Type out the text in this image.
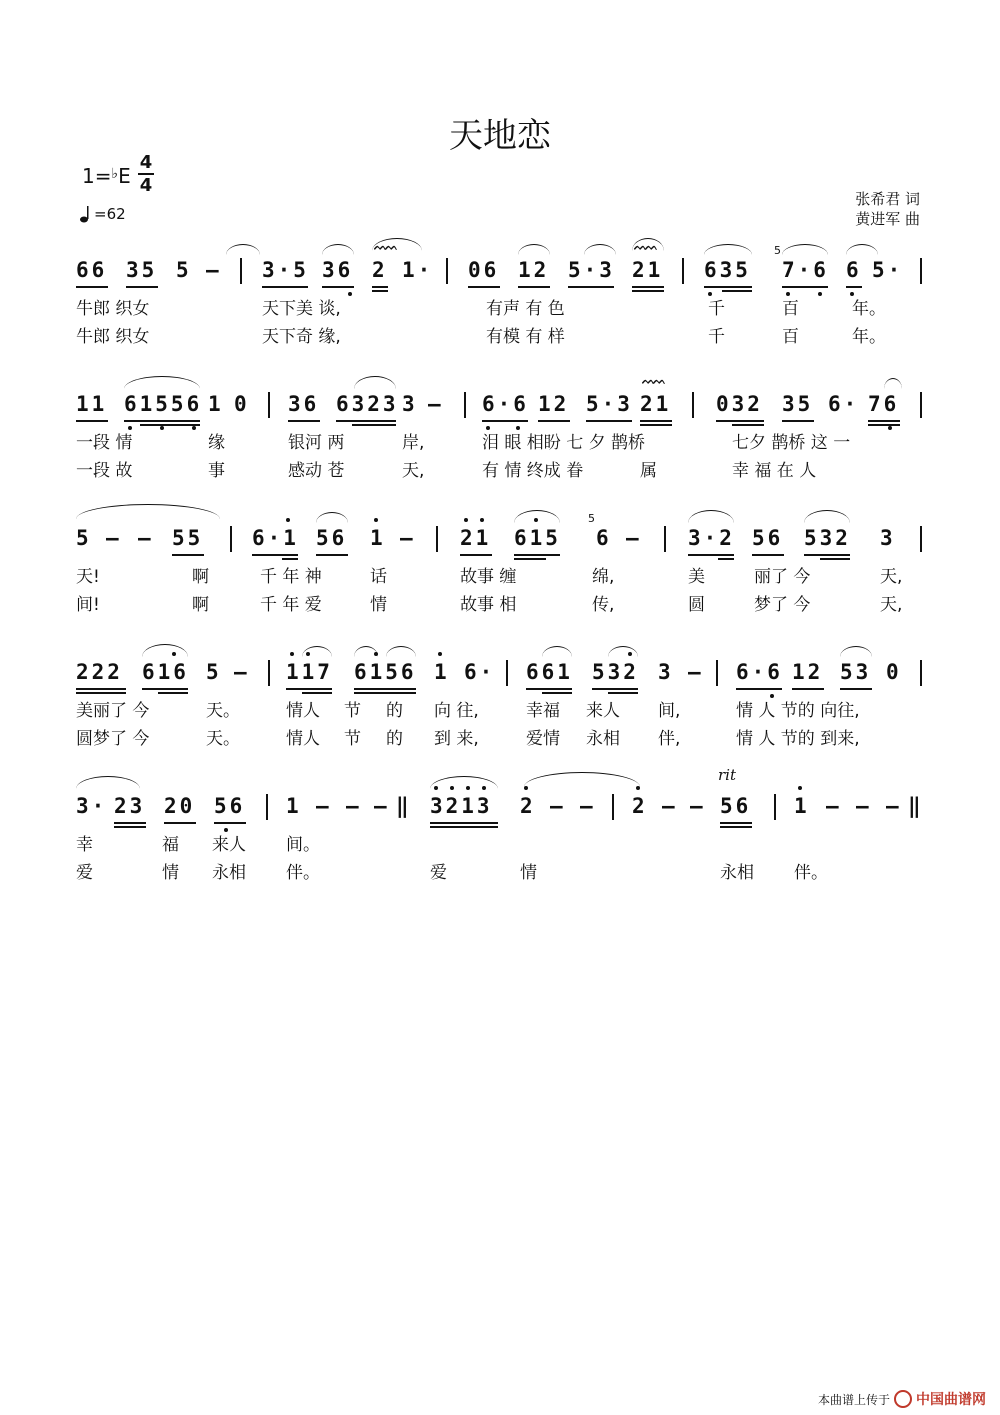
天地恋
1=♭E
4
4
=62
张希君 词
黄进军 曲
66 35 5 – 3·5 36 2 1· 06 12 5·3 21 635 7·6 6 5·
ᨓᨓ	ᨓᨓ	5
牛郎 织女	天下美 谈,	有声 有 色	千	百	年。
牛郎 织女	天下奇 缘,	有模 有 样	千	百	年。
11 61556 1 0 36 6323 3 – 6·6 12 5·3 21 032 35 6· 76
ᨓᨓ
一段 情	缘	银河 两	岸,	泪 眼 相盼 七 夕 鹊桥	七夕 鹊桥 这 一
一段 故	事	感动 苍	天,	有 情 终成 眷	属	幸 福 在 人
5 – – 55 6·1 56 1 – 21 615 6 – 3·2 56 532 3
5
天!	啊	千 年 神	话	故事 缠	绵,	美	丽了 今	天,
间!	啊	千 年 爱	情	故事 相	传,	圆	梦了 今	天,
222 616 5 – 117 6156 1 6· 661 532 3 – 6·6 12 53 0
美丽了 今	天。	情人 节 的 向 往,	幸福 来人 间,	情 人 节的 向往,
圆梦了 今	天。	情人 节 的 到 来,	爱情 永相 伴,	情 人 节的 到来,
rit
3· 23 20 56 1 – – – ‖ 3213 2 – – 2 – – 56 1 – – – ‖
幸	福 来人 间。
爱	情 永相 伴。	爱	情	永相 伴。
本曲谱上传于 中国曲谱网
